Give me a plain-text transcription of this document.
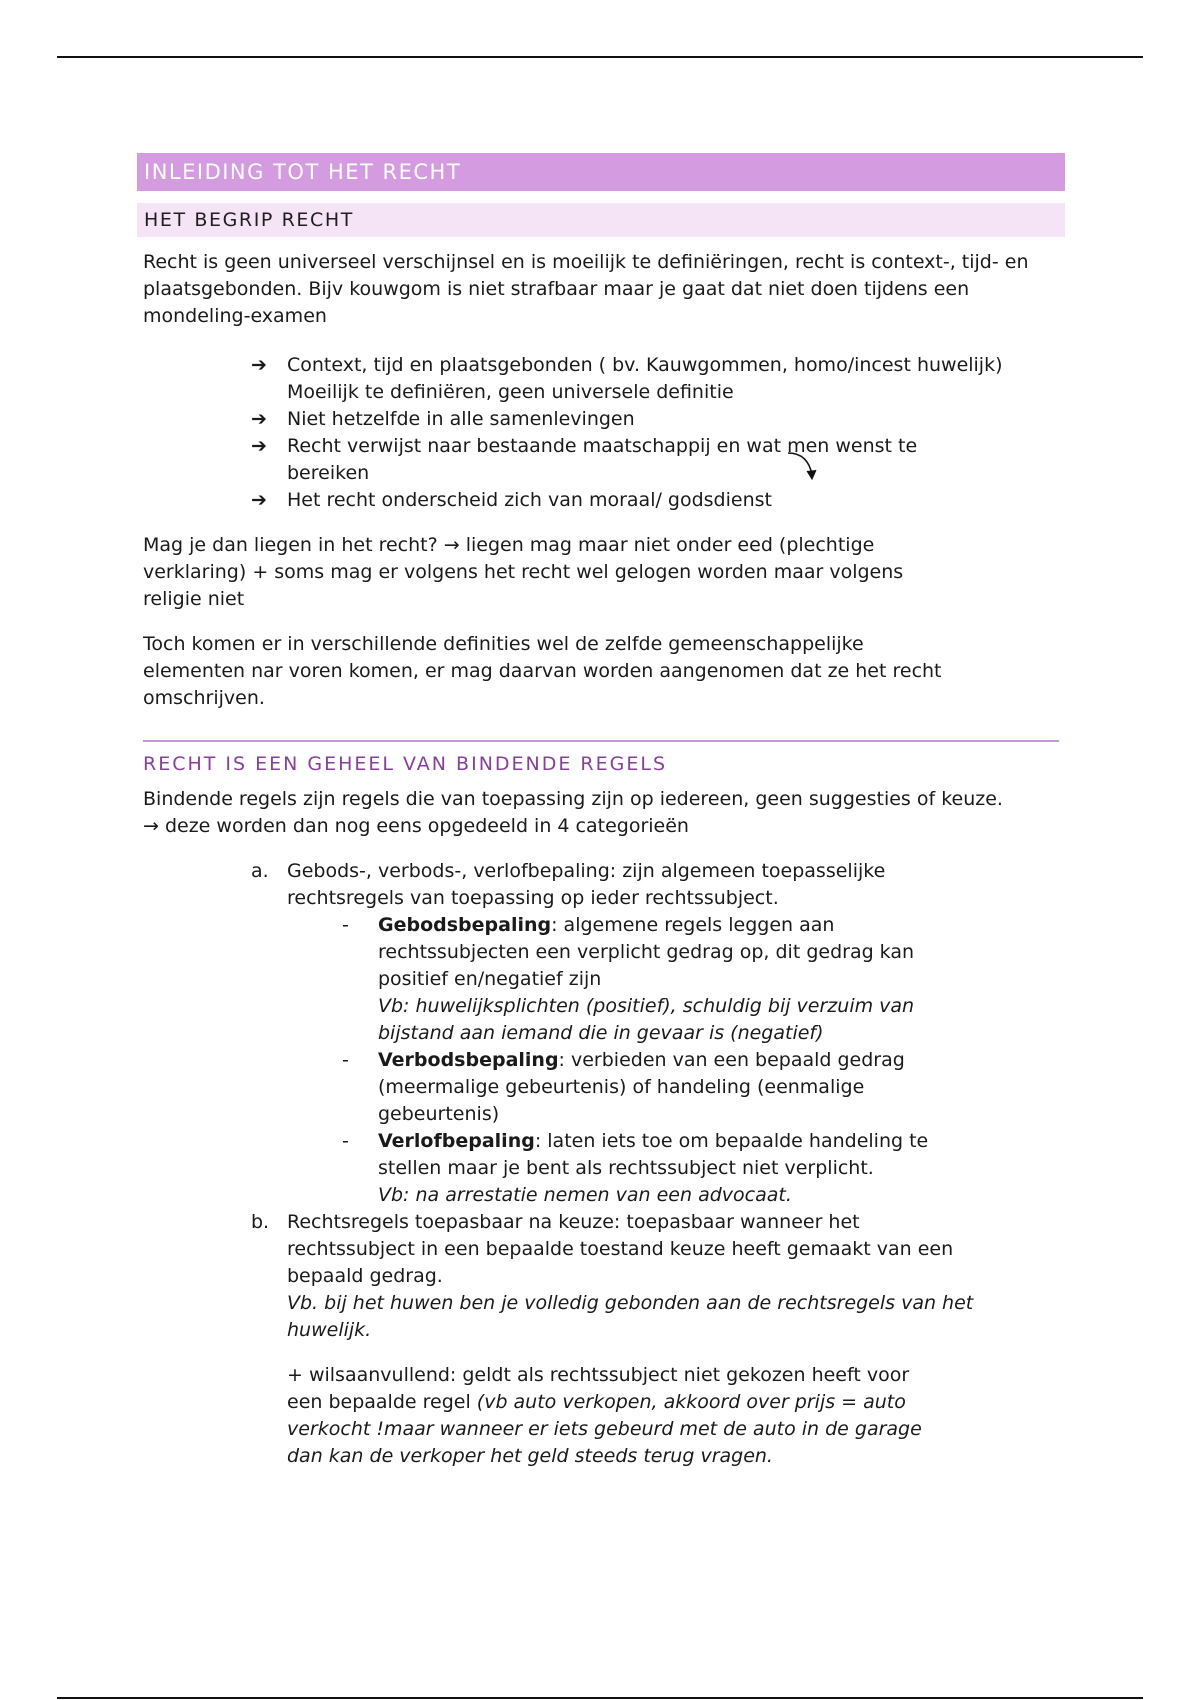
INLEIDING TOT HET RECHT
HET BEGRIP RECHT

Recht is geen universeel verschijnsel en is moeilijk te definiëringen, recht is context-, tijd- en plaatsgebonden. Bijv kouwgom is niet strafbaar maar je gaat dat niet doen tijdens een mondeling-examen

➔ Context, tijd en plaatsgebonden ( bv. Kauwgommen, homo/incest huwelijk)
Moeilijk te definiëren, geen universele definitie
➔ Niet hetzelfde in alle samenlevingen
➔ Recht verwijst naar bestaande maatschappij en wat men wenst te bereiken
➔ Het recht onderscheid zich van moraal/ godsdienst

Mag je dan liegen in het recht? → liegen mag maar niet onder eed (plechtige verklaring) + soms mag er volgens het recht wel gelogen worden maar volgens religie niet

Toch komen er in verschillende definities wel de zelfde gemeenschappelijke elementen nar voren komen, er mag daarvan worden aangenomen dat ze het recht omschrijven.

RECHT IS EEN GEHEEL VAN BINDENDE REGELS

Bindende regels zijn regels die van toepassing zijn op iedereen, geen suggesties of keuze.

→ deze worden dan nog eens opgedeeld in 4 categorieën

a. Gebods-, verbods-, verlofbepaling: zijn algemeen toepasselijke rechtsregels van toepassing op ieder rechtssubject.
- Gebodsbepaling: algemene regels leggen aan rechtssubjecten een verplicht gedrag op, dit gedrag kan positief en/negatief zijn
Vb: huwelijksplichten (positief), schuldig bij verzuim van bijstand aan iemand die in gevaar is (negatief)
- Verbodsbepaling: verbieden van een bepaald gedrag (meermalige gebeurtenis) of handeling (eenmalige gebeurtenis)
- Verlofbepaling: laten iets toe om bepaalde handeling te stellen maar je bent als rechtssubject niet verplicht.
Vb: na arrestatie nemen van een advocaat.
b. Rechtsregels toepasbaar na keuze: toepasbaar wanneer het rechtssubject in een bepaalde toestand keuze heeft gemaakt van een bepaald gedrag.
Vb. bij het huwen ben je volledig gebonden aan de rechtsregels van het huwelijk.

+ wilsaanvullend: geldt als rechtssubject niet gekozen heeft voor een bepaalde regel (vb auto verkopen, akkoord over prijs = auto verkocht !maar wanneer er iets gebeurd met de auto in de garage dan kan de verkoper het geld steeds terug vragen.
